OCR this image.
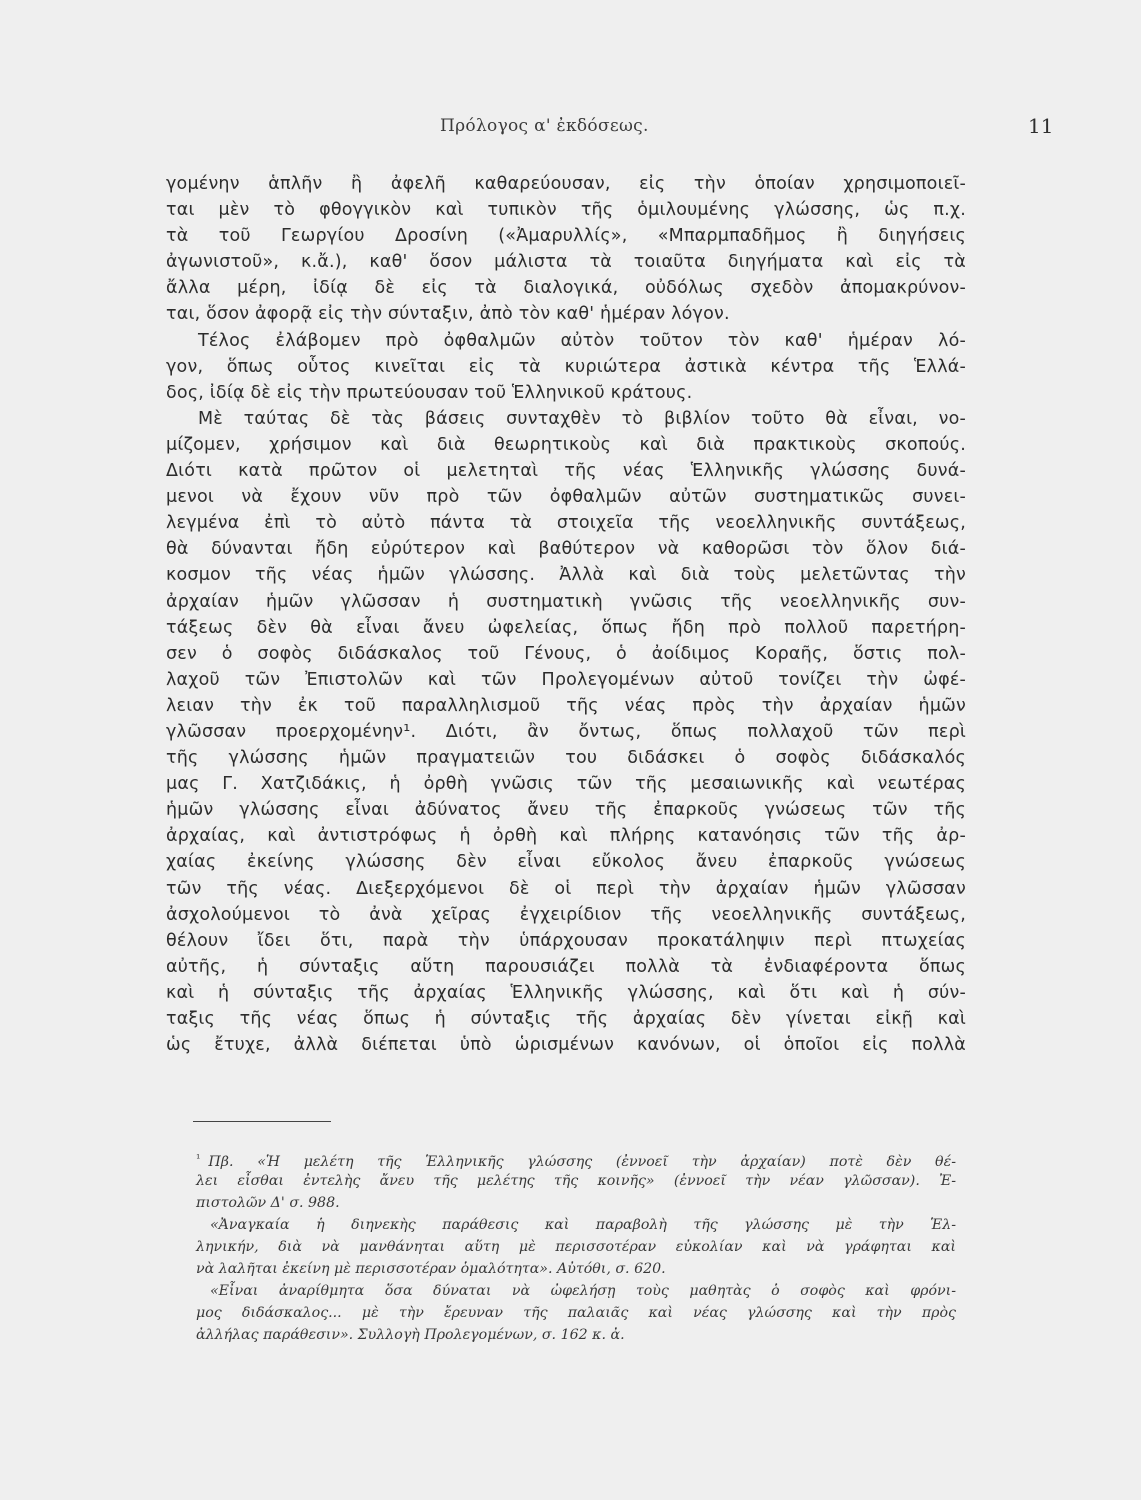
Πρόλογος α' ἐκδόσεως.	11
γομένην ἁπλῆν ἢ ἀφελῆ καθαρεύουσαν, εἰς τὴν ὁποίαν χρησιμοποιεῖ-
ται μὲν τὸ φθογγικὸν καὶ τυπικὸν τῆς ὁμιλουμένης γλώσσης, ὡς π.χ.
τὰ τοῦ Γεωργίου Δροσίνη («Ἀμαρυλλίς», «Μπαρμπαδῆμος ἢ διηγήσεις
ἀγωνιστοῦ», κ.ἄ.), καθ' ὅσον μάλιστα τὰ τοιαῦτα διηγήματα καὶ εἰς τὰ
ἄλλα μέρη, ἰδίᾳ δὲ εἰς τὰ διαλογικά, οὐδόλως σχεδὸν ἀπομακρύνον-
ται, ὅσον ἀφορᾷ εἰς τὴν σύνταξιν, ἀπὸ τὸν καθ' ἡμέραν λόγον.
Τέλος ἐλάβομεν πρὸ ὀφθαλμῶν αὐτὸν τοῦτον τὸν καθ' ἡμέραν λό-
γον, ὅπως οὗτος κινεῖται εἰς τὰ κυριώτερα ἀστικὰ κέντρα τῆς Ἑλλά-
δος, ἰδίᾳ δὲ εἰς τὴν πρωτεύουσαν τοῦ Ἑλληνικοῦ κράτους.
Μὲ ταύτας δὲ τὰς βάσεις συνταχθὲν τὸ βιβλίον τοῦτο θὰ εἶναι, νο-
μίζομεν, χρήσιμον καὶ διὰ θεωρητικοὺς καὶ διὰ πρακτικοὺς σκοπούς.
Διότι κατὰ πρῶτον οἱ μελετηταὶ τῆς νέας Ἑλληνικῆς γλώσσης δυνά-
μενοι νὰ ἔχουν νῦν πρὸ τῶν ὀφθαλμῶν αὐτῶν συστηματικῶς συνει-
λεγμένα ἐπὶ τὸ αὐτὸ πάντα τὰ στοιχεῖα τῆς νεοελληνικῆς συντάξεως,
θὰ δύνανται ἤδη εὐρύτερον καὶ βαθύτερον νὰ καθορῶσι τὸν ὅλον διά-
κοσμον τῆς νέας ἡμῶν γλώσσης. Ἀλλὰ καὶ διὰ τοὺς μελετῶντας τὴν
ἀρχαίαν ἡμῶν γλῶσσαν ἡ συστηματικὴ γνῶσις τῆς νεοελληνικῆς συν-
τάξεως δὲν θὰ εἶναι ἄνευ ὠφελείας, ὅπως ἤδη πρὸ πολλοῦ παρετήρη-
σεν ὁ σοφὸς διδάσκαλος τοῦ Γένους, ὁ ἀοίδιμος Κοραῆς, ὅστις πολ-
λαχοῦ τῶν Ἐπιστολῶν καὶ τῶν Προλεγομένων αὐτοῦ τονίζει τὴν ὠφέ-
λειαν τὴν ἐκ τοῦ παραλληλισμοῦ τῆς νέας πρὸς τὴν ἀρχαίαν ἡμῶν
γλῶσσαν προερχομένην¹. Διότι, ἂν ὄντως, ὅπως πολλαχοῦ τῶν περὶ
τῆς γλώσσης ἡμῶν πραγματειῶν του διδάσκει ὁ σοφὸς διδάσκαλός
μας Γ. Χατζιδάκις, ἡ ὀρθὴ γνῶσις τῶν τῆς μεσαιωνικῆς καὶ νεωτέρας
ἡμῶν γλώσσης εἶναι ἀδύνατος ἄνευ τῆς ἐπαρκοῦς γνώσεως τῶν τῆς
ἀρχαίας, καὶ ἀντιστρόφως ἡ ὀρθὴ καὶ πλήρης κατανόησις τῶν τῆς ἀρ-
χαίας ἐκείνης γλώσσης δὲν εἶναι εὔκολος ἄνευ ἐπαρκοῦς γνώσεως
τῶν τῆς νέας. Διεξερχόμενοι δὲ οἱ περὶ τὴν ἀρχαίαν ἡμῶν γλῶσσαν
ἀσχολούμενοι τὸ ἀνὰ χεῖρας ἐγχειρίδιον τῆς νεοελληνικῆς συντάξεως,
θέλουν ἴδει ὅτι, παρὰ τὴν ὑπάρχουσαν προκατάληψιν περὶ πτωχείας
αὐτῆς, ἡ σύνταξις αὕτη παρουσιάζει πολλὰ τὰ ἐνδιαφέροντα ὅπως
καὶ ἡ σύνταξις τῆς ἀρχαίας Ἑλληνικῆς γλώσσης, καὶ ὅτι καὶ ἡ σύν-
ταξις τῆς νέας ὅπως ἡ σύνταξις τῆς ἀρχαίας δὲν γίνεται εἰκῇ καὶ
ὡς ἔτυχε, ἀλλὰ διέπεται ὑπὸ ὡρισμένων κανόνων, οἱ ὁποῖοι εἰς πολλὰ
$^{^1}$ Πβ. «Ἡ μελέτη τῆς Ἑλληνικῆς γλώσσης (ἐννοεῖ τὴν ἀρχαίαν) ποτὲ δὲν θέ-
λει εἶσθαι ἐντελὴς ἄνευ τῆς μελέτης τῆς κοινῆς» (ἐννοεῖ τὴν νέαν γλῶσσαν). Ἐ-
πιστολῶν Δ' σ. 988.
«Ἀναγκαία ἡ διηνεκὴς παράθεσις καὶ παραβολὴ τῆς γλώσσης μὲ τὴν Ἑλ-
ληνικήν, διὰ νὰ μανθάνηται αὕτη μὲ περισσοτέραν εὐκολίαν καὶ νὰ γράφηται καὶ
νὰ λαλῆται ἐκείνη μὲ περισσοτέραν ὁμαλότητα». Αὐτόθι, σ. 620.
«Εἶναι ἀναρίθμητα ὅσα δύναται νὰ ὠφελήσῃ τοὺς μαθητὰς ὁ σοφὸς καὶ φρόνι-
μος διδάσκαλος... μὲ τὴν ἔρευναν τῆς παλαιᾶς καὶ νέας γλώσσης καὶ τὴν πρὸς
ἀλλήλας παράθεσιν». Συλλογὴ Προλεγομένων, σ. 162 κ. ἀ.
